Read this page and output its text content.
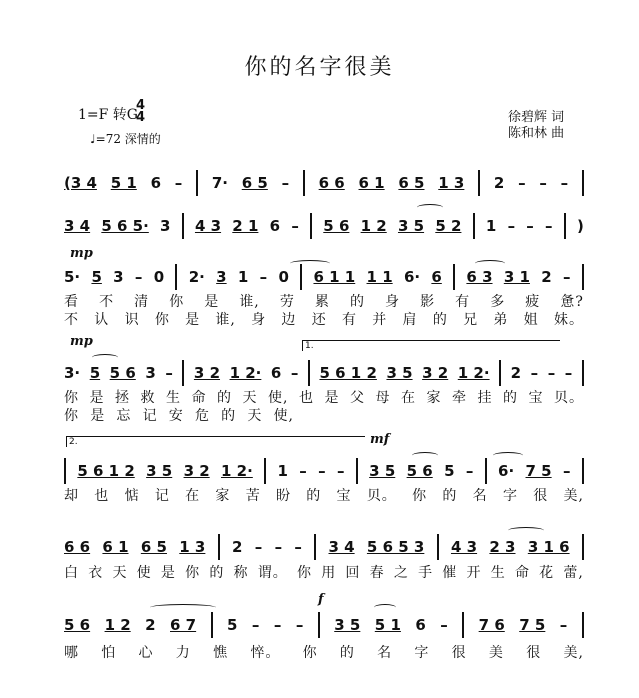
你的名字很美
1=F 转G
4
4
♩=72 深情的
徐碧辉 词
陈和林 曲
(3 4 5 1 6 – 7· 6 5 – 6 6 6 1 6 5 1 3 2 – – –
3 4 5 6 5· 3 4 3 2 1 6 – 5 6 1 2 3 5 5 2 1 – – – )
mp
5· 5 3 – 0 2· 3 1 – 0 6 1 1 1 1 6· 6 6 3 3 1 2 –
看 不 清 你 是 谁, 劳 累 的 身 影 有 多 疲 惫?
不 认 识 你 是 谁, 身 边 还 有 并 肩 的 兄 弟 姐 妹。
mp	1.
3· 5 5 6 3 – 3 2 1 2· 6 – 5 6 1 2 3 5 3 2 1 2· 2 – – –
你 是 拯 救 生 命 的 天 使, 也 是 父 母 在 家 牵 挂 的 宝 贝。
你 是 忘 记 安 危 的 天 使,
2.	mf
5 6 1 2 3 5 3 2 1 2· 1 – – – 3 5 5 6 5 – 6· 7 5 –
却 也 惦 记 在 家 苦 盼 的 宝 贝。 你 的 名 字 很 美,
6 6 6 1 6 5 1 3 2 – – – 3 4 5 6 5 3 4 3 2 3 3 1 6
白 衣 天 使 是 你 的 称 谓。 你 用 回 春 之 手 催 开 生 命 花 蕾,
f
5 6 1 2 2 6 7 5 – – – 3 5 5 1 6 – 7 6 7 5 –
哪 怕 心 力 憔 悴。 你 的 名 字 很 美 很 美,
